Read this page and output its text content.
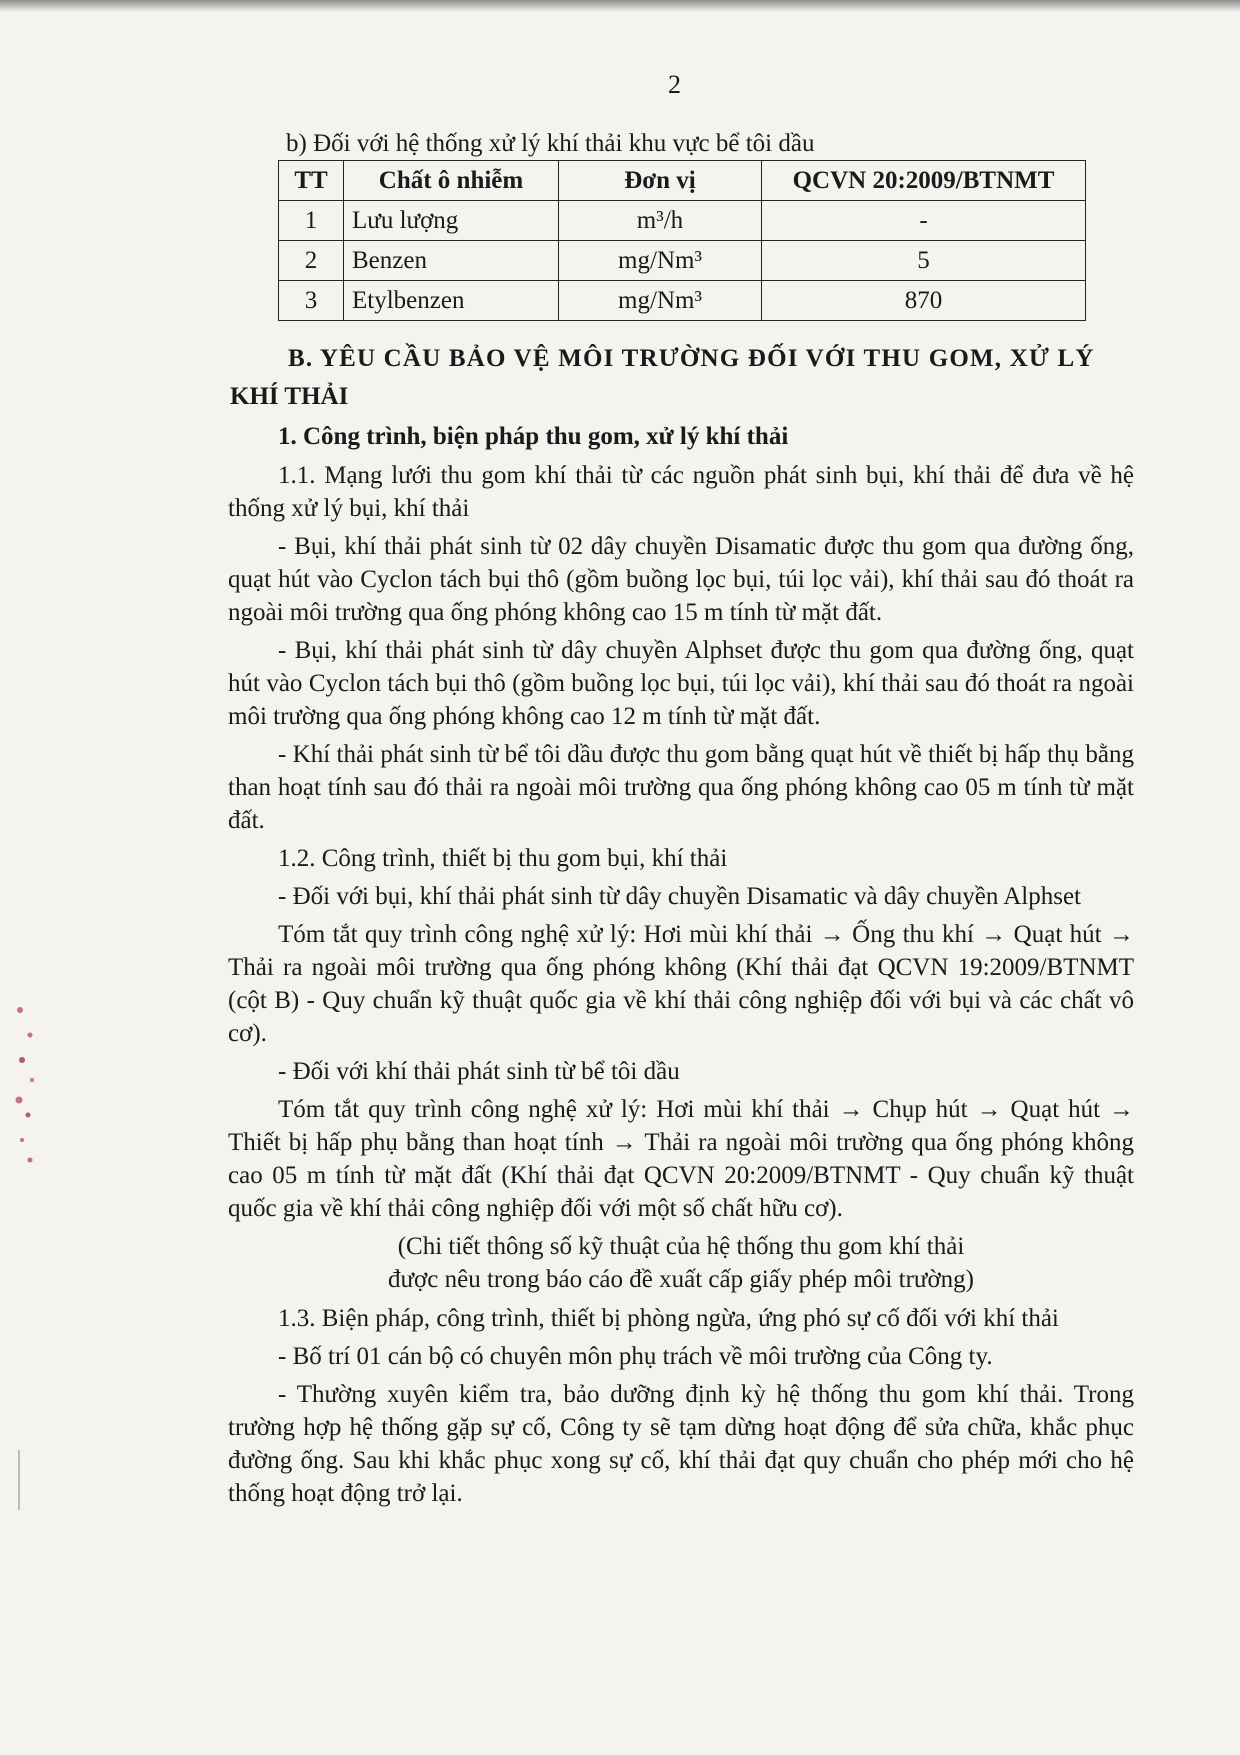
2
b) Đối với hệ thống xử lý khí thải khu vực bể tôi dầu
TT	Chất ô nhiễm	Đơn vị	QCVN 20:2009/BTNMT
1	Lưu lượng	m³/h	-
2	Benzen	mg/Nm³	5
3	Etylbenzen	mg/Nm³	870
B. YÊU CẦU BẢO VỆ MÔI TRƯỜNG ĐỐI VỚI THU GOM, XỬ LÝ
KHÍ THẢI

1. Công trình, biện pháp thu gom, xử lý khí thải

1.1. Mạng lưới thu gom khí thải từ các nguồn phát sinh bụi, khí thải để đưa về hệ thống xử lý bụi, khí thải

- Bụi, khí thải phát sinh từ 02 dây chuyền Disamatic được thu gom qua đường ống, quạt hút vào Cyclon tách bụi thô (gồm buồng lọc bụi, túi lọc vải), khí thải sau đó thoát ra ngoài môi trường qua ống phóng không cao 15 m tính từ mặt đất.

- Bụi, khí thải phát sinh từ dây chuyền Alphset được thu gom qua đường ống, quạt hút vào Cyclon tách bụi thô (gồm buồng lọc bụi, túi lọc vải), khí thải sau đó thoát ra ngoài môi trường qua ống phóng không cao 12 m tính từ mặt đất.

- Khí thải phát sinh từ bể tôi dầu được thu gom bằng quạt hút về thiết bị hấp thụ bằng than hoạt tính sau đó thải ra ngoài môi trường qua ống phóng không cao 05 m tính từ mặt đất.

1.2. Công trình, thiết bị thu gom bụi, khí thải

- Đối với bụi, khí thải phát sinh từ dây chuyền Disamatic và dây chuyền Alphset

Tóm tắt quy trình công nghệ xử lý: Hơi mùi khí thải → Ống thu khí → Quạt hút → Thải ra ngoài môi trường qua ống phóng không (Khí thải đạt QCVN 19:2009/BTNMT (cột B) - Quy chuẩn kỹ thuật quốc gia về khí thải công nghiệp đối với bụi và các chất vô cơ).

- Đối với khí thải phát sinh từ bể tôi dầu

Tóm tắt quy trình công nghệ xử lý: Hơi mùi khí thải → Chụp hút → Quạt hút → Thiết bị hấp phụ bằng than hoạt tính → Thải ra ngoài môi trường qua ống phóng không cao 05 m tính từ mặt đất (Khí thải đạt QCVN 20:2009/BTNMT - Quy chuẩn kỹ thuật quốc gia về khí thải công nghiệp đối với một số chất hữu cơ).

(Chi tiết thông số kỹ thuật của hệ thống thu gom khí thải

được nêu trong báo cáo đề xuất cấp giấy phép môi trường)

1.3. Biện pháp, công trình, thiết bị phòng ngừa, ứng phó sự cố đối với khí thải

- Bố trí 01 cán bộ có chuyên môn phụ trách về môi trường của Công ty.

- Thường xuyên kiểm tra, bảo dưỡng định kỳ hệ thống thu gom khí thải. Trong trường hợp hệ thống gặp sự cố, Công ty sẽ tạm dừng hoạt động để sửa chữa, khắc phục đường ống. Sau khi khắc phục xong sự cố, khí thải đạt quy chuẩn cho phép mới cho hệ thống hoạt động trở lại.
